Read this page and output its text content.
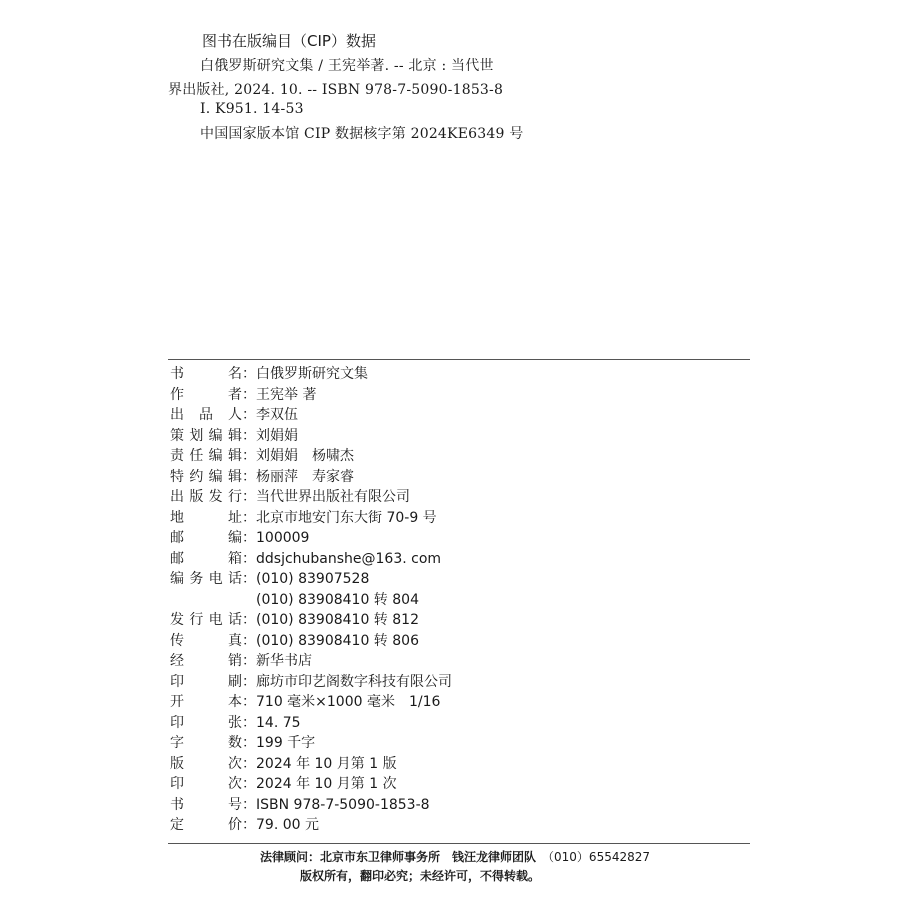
图书在版编目（CIP）数据
白俄罗斯研究文集 / 王宪举著. -- 北京 : 当代世
界出版社, 2024. 10. -- ISBN 978-7-5090-1853-8
Ⅰ. K951. 14-53
中国国家版本馆 CIP 数据核字第 2024KE6349 号
书名 ：白俄罗斯研究文集
作者 ：王宪举 著
出品人 ：李双伍
策划编辑 ：刘娟娟
责任编辑 ：刘娟娟　杨啸杰
特约编辑 ：杨丽萍　寿家睿
出版发行 ：当代世界出版社有限公司
地址 ：北京市地安门东大街 70-9 号
邮编 ：100009
邮箱 ：ddsjchubanshe@163. com
编务电话 ：(010) 83907528
　(010) 83908410 转 804
发行电话 ：(010) 83908410 转 812
传真 ：(010) 83908410 转 806
经销 ：新华书店
印刷 ：廊坊市印艺阁数字科技有限公司
开本 ：710 毫米×1000 毫米　1/16
印张 ：14. 75
字数 ：199 千字
版次 ：2024 年 10 月第 1 版
印次 ：2024 年 10 月第 1 次
书号 ：ISBN 978-7-5090-1853-8
定价 ：79. 00 元
法律顾问：北京市东卫律师事务所　钱汪龙律师团队　 （010）65542827
版权所有，翻印必究；未经许可，不得转载。
